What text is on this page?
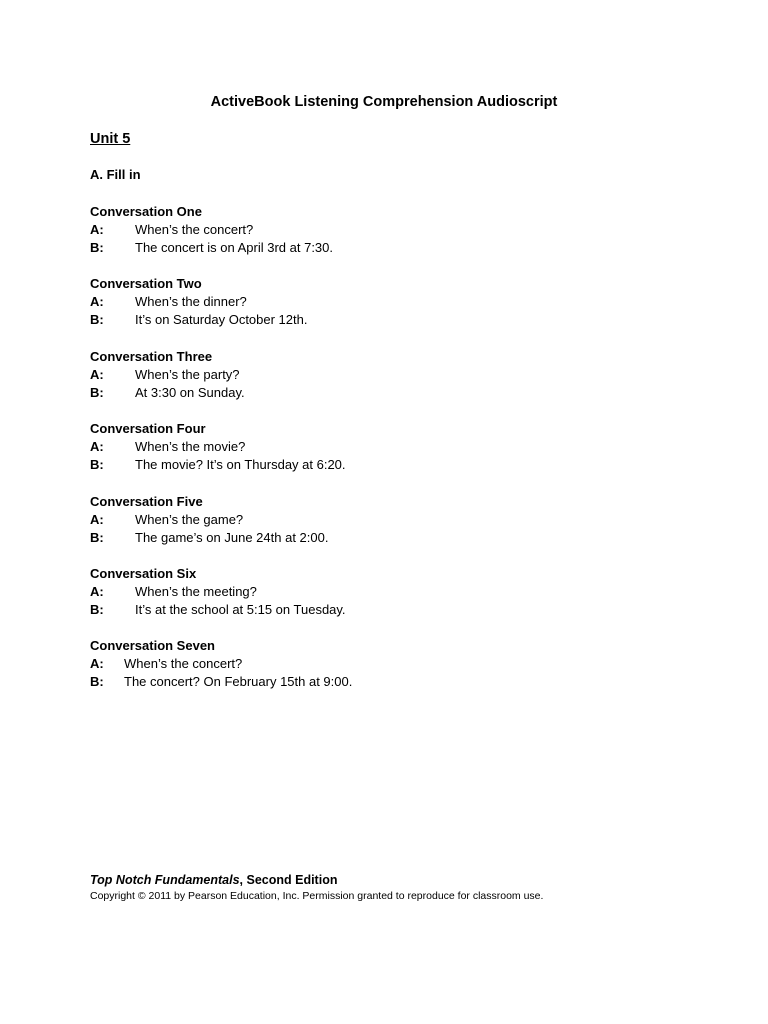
ActiveBook Listening Comprehension Audioscript
Unit 5
A. Fill in
Conversation One
A:	When’s the concert?
B:	The concert is on April 3rd at 7:30.
Conversation Two
A:	When’s the dinner?
B:	It’s on Saturday October 12th.
Conversation Three
A:	When’s the party?
B:	At 3:30 on Sunday.
Conversation Four
A:	When’s the movie?
B:	The movie? It’s on Thursday at 6:20.
Conversation Five
A:	When’s the game?
B:	The game’s on June 24th at 2:00.
Conversation Six
A:	When’s the meeting?
B:	It’s at the school at 5:15 on Tuesday.
Conversation Seven
A:	When’s the concert?
B:	The concert? On February 15th at 9:00.
Top Notch Fundamentals, Second Edition
Copyright © 2011 by Pearson Education, Inc. Permission granted to reproduce for classroom use.
